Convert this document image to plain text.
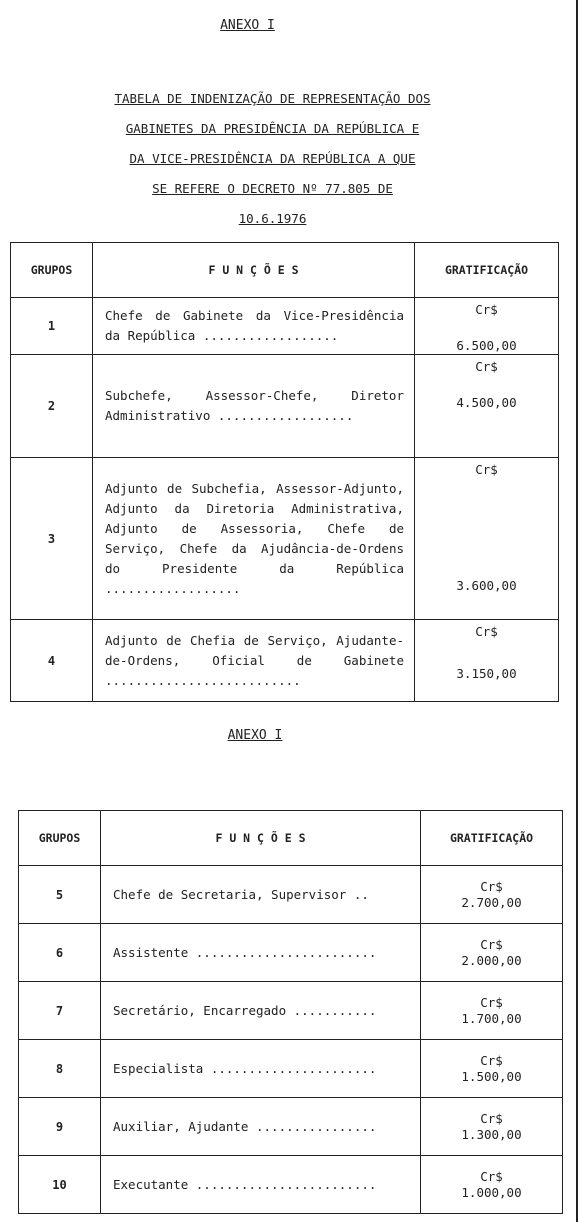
ANEXO I
TABELA DE INDENIZAÇÃO DE REPRESENTAÇÃO DOS
GABINETES DA PRESIDÊNCIA DA REPÚBLICA E
DA VICE-PRESIDÊNCIA DA REPÚBLICA A QUE
SE REFERE O DECRETO Nº 77.805 DE
10.6.1976
GRUPOS	F U N Ç Õ E S	GRATIFICAÇÃO
1	Chefe de Gabinete da Vice-Presidência da República ..................	Cr$
6.500,00
2	Subchefe, Assessor-Chefe, Diretor Administrativo ..................	Cr$
4.500,00
3	Adjunto de Subchefia, Assessor-Adjunto, Adjunto da Diretoria Administrativa, Adjunto de Assessoria, Chefe de Serviço, Chefe da Ajudância-de-Ordens do Presidente da República ..................	Cr$
3.600,00
4	Adjunto de Chefia de Serviço, Ajudante-de-Ordens, Oficial de Gabinete ..........................	Cr$
3.150,00
ANEXO I
GRUPOS	F U N Ç Õ E S	GRATIFICAÇÃO
5	Chefe de Secretaria, Supervisor ..	Cr$
2.700,00
6	Assistente ........................	Cr$
2.000,00
7	Secretário, Encarregado ...........	Cr$
1.700,00
8	Especialista ......................	Cr$
1.500,00
9	Auxiliar, Ajudante ................	Cr$
1.300,00
10	Executante ........................	Cr$
1.000,00
